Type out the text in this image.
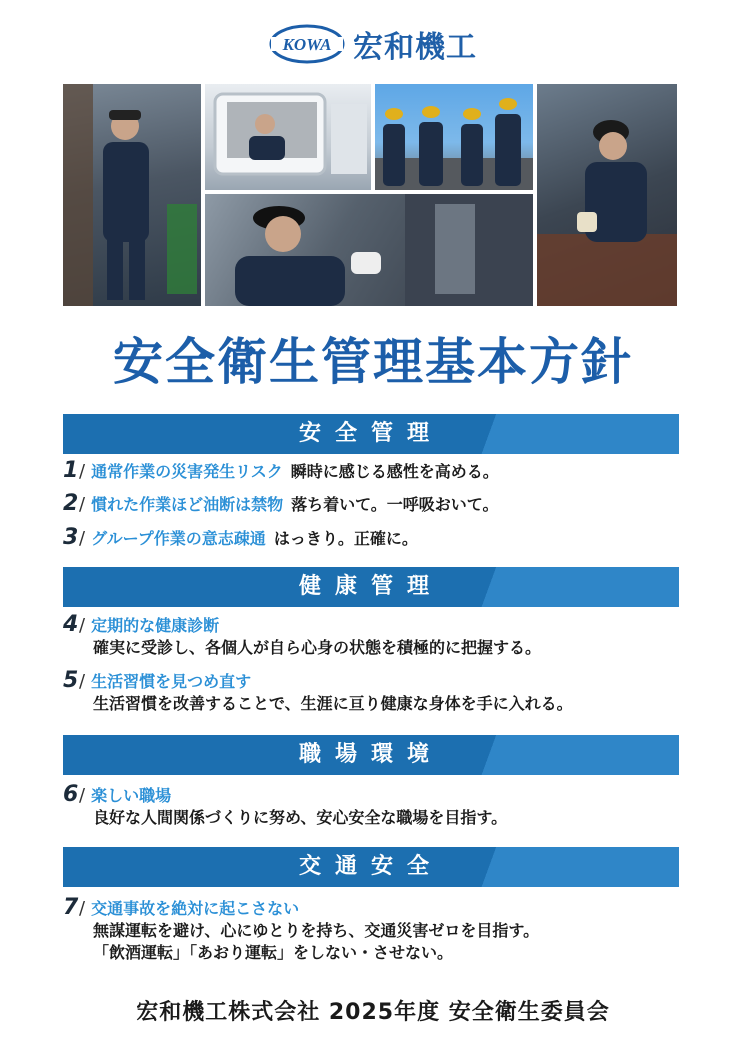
KOWA 宏和機工
安全衛生管理基本方針
安全管理
1/ 通常作業の災害発生リスク 瞬時に感じる感性を高める。
2/ 慣れた作業ほど油断は禁物 落ち着いて。一呼吸おいて。
3/ グループ作業の意志疎通 はっきり。正確に。
健康管理
4/ 定期的な健康診断
確実に受診し、各個人が自ら心身の状態を積極的に把握する。
5/ 生活習慣を見つめ直す
生活習慣を改善することで、生涯に亘り健康な身体を手に入れる。
職場環境
6/ 楽しい職場
良好な人間関係づくりに努め、安心安全な職場を目指す。
交通安全
7/ 交通事故を絶対に起こさない
無謀運転を避け、心にゆとりを持ち、交通災害ゼロを目指す。
「飲酒運転」「あおり運転」をしない・させない。
宏和機工株式会社 2025年度 安全衛生委員会
